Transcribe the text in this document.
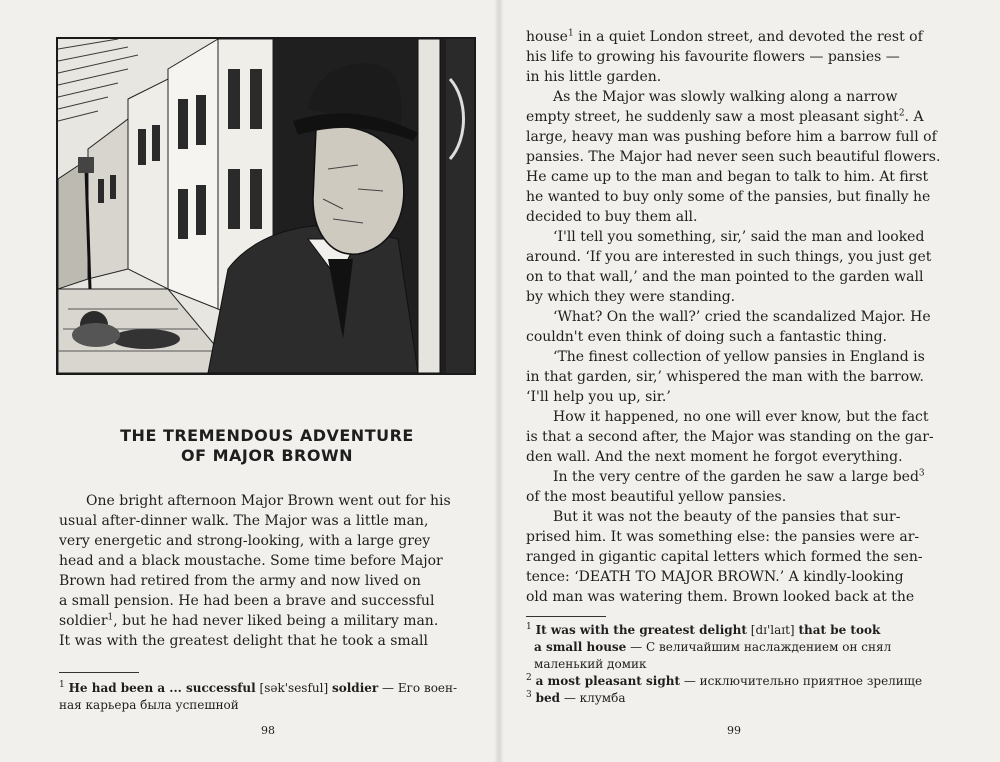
THE TREMENDOUS ADVENTURE
OF MAJOR BROWN

One bright afternoon Major Brown went out for his

usual after-dinner walk. The Major was a little man,

very energetic and strong-looking, with a large grey

head and a black moustache. Some time before Major

Brown had retired from the army and now lived on

a small pension. He had been a brave and successful

soldier$^1$, but he had never liked being a military man.

It was with the greatest delight that he took a small

$^1$ He had been a ... successful [sək'sesful] soldier — Его воен-

ная карьера была успешной

98

house$^1$ in a quiet London street, and devoted the rest of

his life to growing his favourite flowers — pansies —

in his little garden.

As the Major was slowly walking along a narrow

empty street, he suddenly saw a most pleasant sight$^2$. A

large, heavy man was pushing before him a barrow full of

pansies. The Major had never seen such beautiful flowers.

He came up to the man and began to talk to him. At first

he wanted to buy only some of the pansies, but finally he

decided to buy them all.

‘I'll tell you something, sir,’ said the man and looked

around. ‘If you are interested in such things, you just get

on to that wall,’ and the man pointed to the garden wall

by which they were standing.

‘What? On the wall?’ cried the scandalized Major. He

couldn't even think of doing such a fantastic thing.

‘The finest collection of yellow pansies in England is

in that garden, sir,’ whispered the man with the barrow.

‘I'll help you up, sir.’

How it happened, no one will ever know, but the fact

is that a second after, the Major was standing on the gar-

den wall. And the next moment he forgot everything.

In the very centre of the garden he saw a large bed$^3$

of the most beautiful yellow pansies.

But it was not the beauty of the pansies that sur-

prised him. It was something else: the pansies were ar-

ranged in gigantic capital letters which formed the sen-

tence: ‘DEATH TO MAJOR BROWN.’ A kindly-looking

old man was watering them. Brown looked back at the

$^1$ It was with the greatest delight [dɪ'laɪt] that be took

a small house — С величайшим наслаждением он снял

маленький домик

$^2$ a most pleasant sight — исключительно приятное зрелище

$^3$ bed — клумба

99
